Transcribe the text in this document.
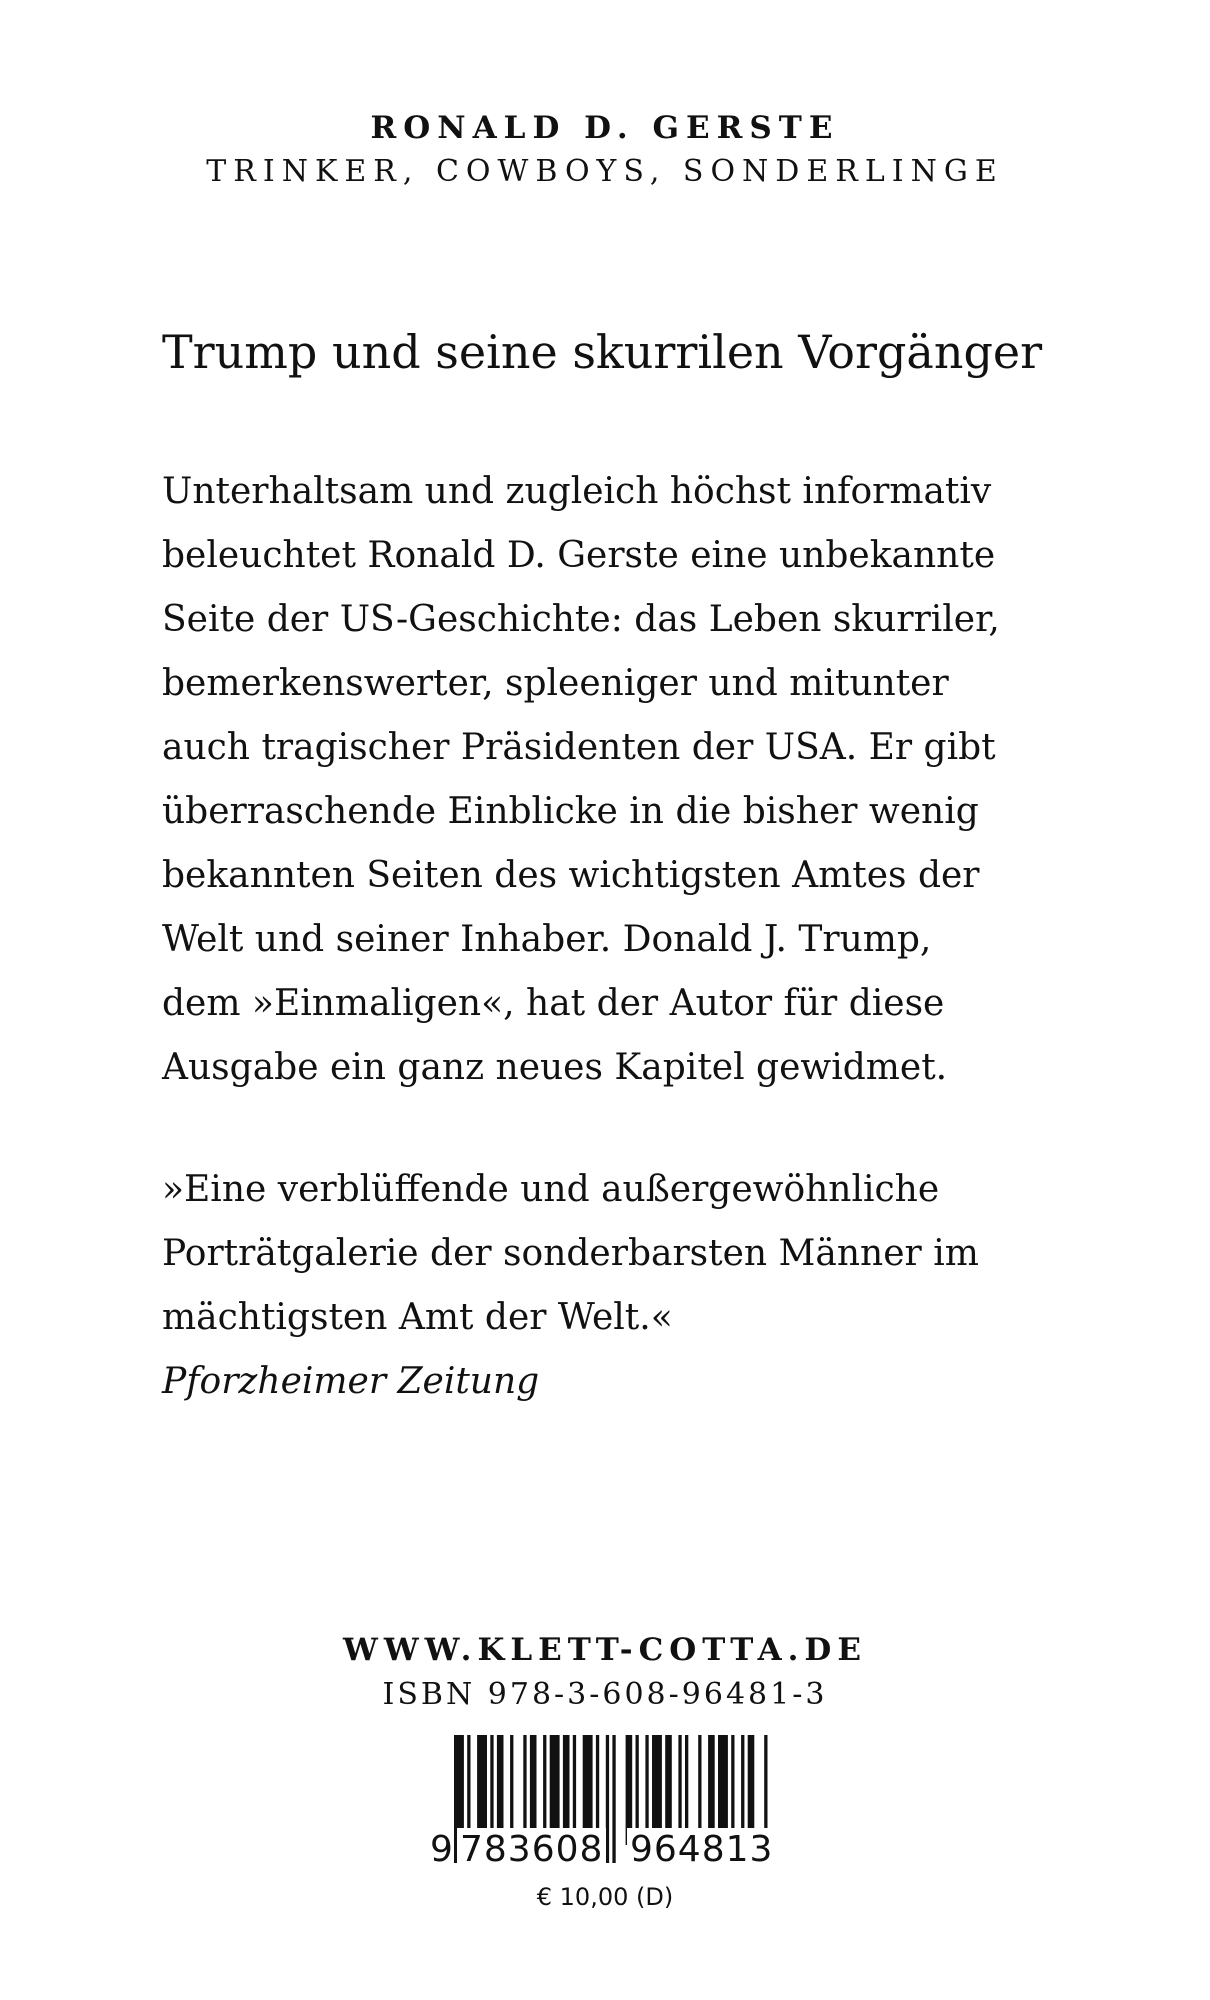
RONALD D. GERSTE
TRINKER, COWBOYS, SONDERLINGE
Trump und seine skurrilen Vorgänger

Unterhaltsam und zugleich höchst informativ
beleuchtet Ronald D. Gerste eine unbekannte
Seite der US-Geschichte: das Leben skurriler,
bemerkenswerter, spleeniger und mitunter
auch tragischer Präsidenten der USA. Er gibt
überraschende Einblicke in die bisher wenig
bekannten Seiten des wichtigsten Amtes der
Welt und seiner Inhaber. Donald J. Trump,
dem »Einmaligen«, hat der Autor für diese
Ausgabe ein ganz neues Kapitel gewidmet.

»Eine verblüffende und außergewöhnliche
Porträtgalerie der sonderbarsten Männer im
mächtigsten Amt der Welt.«

Pforzheimer Zeitung
WWW.KLETT-COTTA.DE
ISBN 978-3-608-96481-3
9 783608 964813
€ 10,00 (D)
